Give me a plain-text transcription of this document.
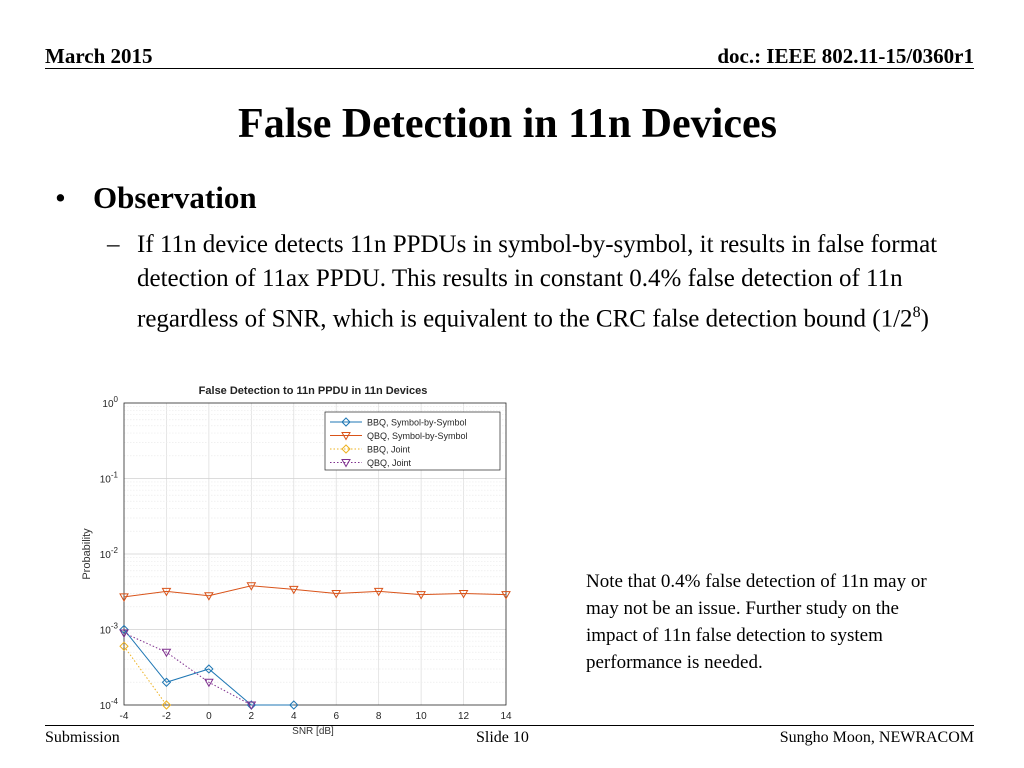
March 2015	doc.: IEEE 802.11-15/0360r1
False Detection in 11n Devices
• Observation
– If 11n device detects 11n PPDUs in symbol-by-symbol, it results in false format detection of 11ax PPDU. This results in constant 0.4% false detection of 11n regardless of SNR, which is equivalent to the CRC false detection bound $(1/2^8)$
False Detection to 11n PPDU in 11n Devices
-4	-2	0	2	4	6	8	10	12	14
$10^{-4}$
$10^{-3}$
$10^{-2}$
$10^{-1}$
$10^0$
BBQ, Symbol-by-Symbol
QBQ, Symbol-by-Symbol
BBQ, Joint
QBQ, Joint
SNR [dB]
Probability
Note that 0.4% false detection of 11n may or may not be an issue. Further study on the impact of 11n false detection to system performance is needed.
Submission	Slide 10	Sungho Moon, NEWRACOM
